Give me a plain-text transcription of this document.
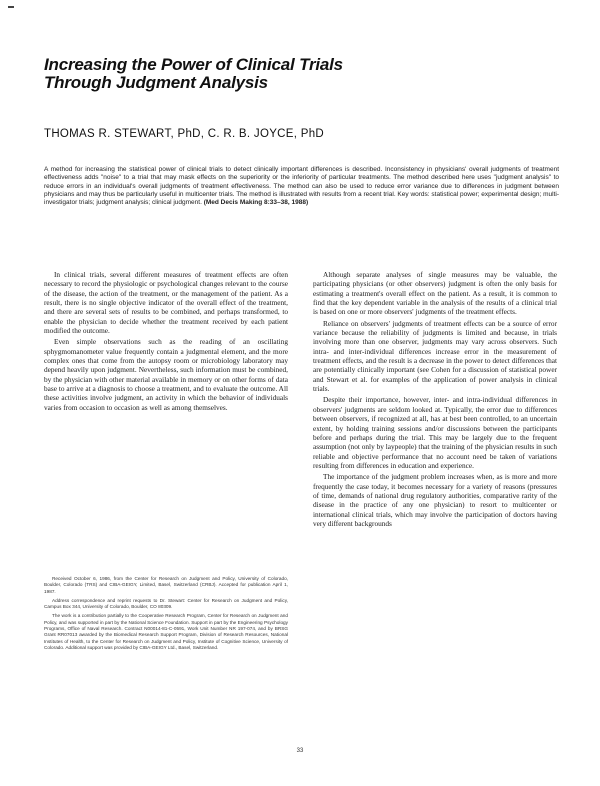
Increasing the Power of Clinical Trials
Through Judgment Analysis
THOMAS R. STEWART, PhD, C. R. B. JOYCE, PhD
A method for increasing the statistical power of clinical trials to detect clinically important differences is described. Inconsistency in physicians' overall judgments of treatment effectiveness adds "noise" to a trial that may mask effects on the superiority or the inferiority of particular treatments. The method described here uses "judgment analysis" to reduce errors in an individual's overall judgments of treatment effectiveness. The method can also be used to reduce error variance due to differences in judgment between physicians and may thus be particularly useful in multicenter trials. The method is illustrated with results from a recent trial. Key words: statistical power; experimental design; multi-investigator trials; judgment analysis; clinical judgment. (Med Decis Making 8:33–38, 1988)

In clinical trials, several different measures of treatment effects are often necessary to record the physiologic or psychological changes relevant to the course of the disease, the action of the treatment, or the management of the patient. As a result, there is no single objective indicator of the overall effect of the treatment, and there are several sets of results to be combined, and perhaps transformed, to enable the physician to decide whether the treatment received by each patient modified the outcome.

Even simple observations such as the reading of an oscillating sphygmomanometer value frequently contain a judgmental element, and the more complex ones that come from the autopsy room or microbiology laboratory may depend heavily upon judgment. Nevertheless, such information must be combined, by the physician with other material available in memory or on other forms of data base to arrive at a diagnosis to choose a treatment, and to evaluate the outcome. All these activities involve judgment, an activity in which the behavior of individuals varies from occasion to occasion as well as among themselves.

Although separate analyses of single measures may be valuable, the participating physicians (or other observers) judgment is often the only basis for estimating a treatment's overall effect on the patient. As a result, it is common to find that the key dependent variable in the analysis of the results of a clinical trial is based on one or more observers' judgments of the treatment effects.

Reliance on observers' judgments of treatment effects can be a source of error variance because the reliability of judgments is limited and because, in trials involving more than one observer, judgments may vary across observers. Such intra- and inter-individual differences increase error in the measurement of treatment effects, and the result is a decrease in the power to detect differences that are potentially clinically important (see Cohen for a discussion of statistical power and Stewart et al. for examples of the application of power analysis in clinical trials.

Despite their importance, however, inter- and intra-individual differences in observers' judgments are seldom looked at. Typically, the error due to differences between observers, if recognized at all, has at best been controlled, to an uncertain extent, by holding training sessions and/or discussions between the participants before and perhaps during the trial. This may be largely due to the frequent assumption (not only by laypeople) that the training of the physician results in such reliable and objective performance that no account need be taken of variations resulting from differences in education and experience.

The importance of the judgment problem increases when, as is more and more frequently the case today, it becomes necessary for a variety of reasons (pressures of time, demands of national drug regulatory authorities, comparative rarity of the disease in the practice of any one physician) to resort to multicenter or international clinical trials, which may involve the participation of doctors having very different backgrounds

Received October 6, 1986, from the Center for Research on Judgment and Policy, University of Colorado, Boulder, Colorado (TRS) and CIBA-GEIGY, Limited, Basel, Switzerland (CRBJ). Accepted for publication April 1, 1987.

Address correspondence and reprint requests to Dr. Stewart: Center for Research on Judgment and Policy, Campus Box 344, University of Colorado, Boulder, CO 80309.

The work is a contribution partially to the Cooperative Research Program, Center for Research on Judgment and Policy, and was supported in part by the National Science Foundation. Support in part by the Engineering Psychology Programs, Office of Naval Research. Contract N00014-81-C-0591, Work Unit Number NR 197-074, and by BRSG Grant RR07013 awarded by the Biomedical Research Support Program, Division of Research Resources, National Institutes of Health, to the Center for Research on Judgment and Policy, Institute of Cognitive Science, University of Colorado. Additional support was provided by CIBA-GEIGY Ltd., Basel, Switzerland.

33
